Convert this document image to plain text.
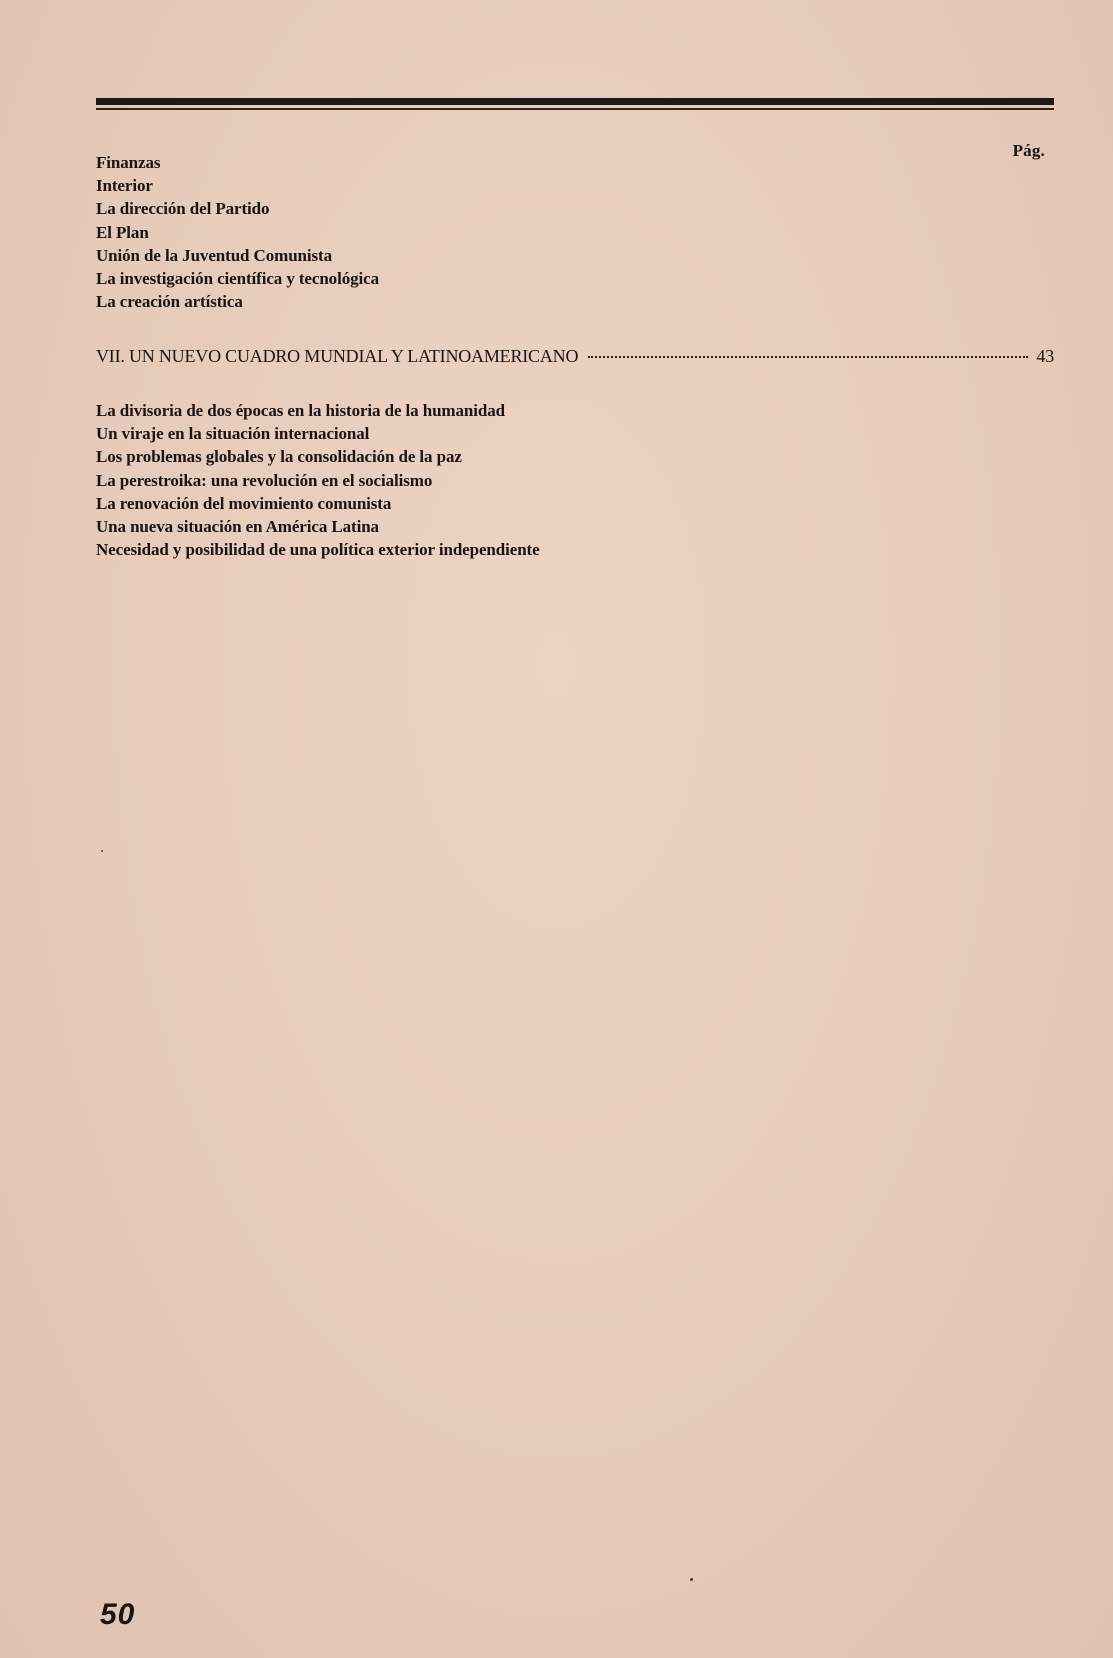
Pág.
Finanzas
Interior
La dirección del Partido
El Plan
Unión de la Juventud Comunista
La investigación científica y tecnológica
La creación artística
VII. UN NUEVO CUADRO MUNDIAL Y LATINOAMERICANO	43
La divisoria de dos épocas en la historia de la humanidad
Un viraje en la situación internacional
Los problemas globales y la consolidación de la paz
La perestroika: una revolución en el socialismo
La renovación del movimiento comunista
Una nueva situación en América Latina
Necesidad y posibilidad de una política exterior independiente
50
